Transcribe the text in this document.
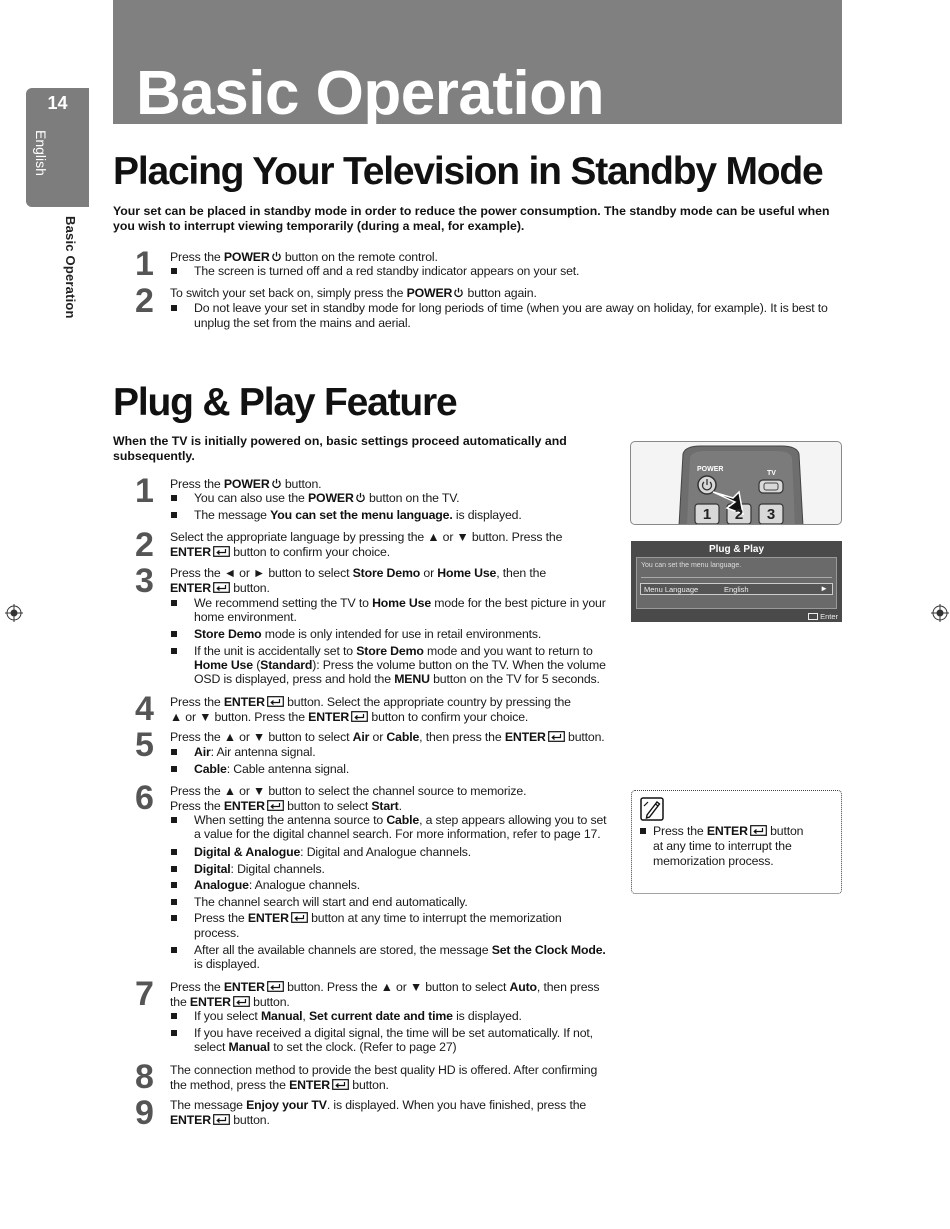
Basic Operation
14
English
Basic Operation
Placing Your Television in Standby Mode
Your set can be placed in standby mode in order to reduce the power consumption. The standby mode can be useful when you wish to interrupt viewing temporarily (during a meal, for example).
1 Press the POWER button on the remote control.
The screen is turned off and a red standby indicator appears on your set.
2 To switch your set back on, simply press the POWER button again.
Do not leave your set in standby mode for long periods of time (when you are away on holiday, for example). It is best to unplug the set from the mains and aerial.
Plug & Play Feature
When the TV is initially powered on, basic settings proceed automatically and subsequently.
1 Press the POWER button.
You can also use the POWER button on the TV.
The message You can set the menu language. is displayed.
2 Select the appropriate language by pressing the ▲ or ▼ button. Press the
ENTER button to confirm your choice.
3 Press the ◄ or ► button to select Store Demo or Home Use, then the
ENTER button.
We recommend setting the TV to Home Use mode for the best picture in your
home environment.
Store Demo mode is only intended for use in retail environments.
If the unit is accidentally set to Store Demo mode and you want to return to
Home Use (Standard): Press the volume button on the TV. When the volume
OSD is displayed, press and hold the MENU button on the TV for 5 seconds.
4 Press the ENTER button. Select the appropriate country by pressing the
▲ or ▼ button. Press the ENTER button to confirm your choice.
5 Press the ▲ or ▼ button to select Air or Cable, then press the ENTER button.
Air: Air antenna signal.
Cable: Cable antenna signal.
6 Press the ▲ or ▼ button to select the channel source to memorize.
Press the ENTER button to select Start.
When setting the antenna source to Cable, a step appears allowing you to set
a value for the digital channel search. For more information, refer to page 17.
Digital & Analogue: Digital and Analogue channels.
Digital: Digital channels.
Analogue: Analogue channels.
The channel search will start and end automatically.
Press the ENTER button at any time to interrupt the memorization
process.
After all the available channels are stored, the message Set the Clock Mode.
is displayed.
7 Press the ENTER button. Press the ▲ or ▼ button to select Auto, then press
the ENTER button.
If you select Manual, Set current date and time is displayed.
If you have received a digital signal, the time will be set automatically. If not,
select Manual to set the clock. (Refer to page 27)
8 The connection method to provide the best quality HD is offered. After confirming
the method, press the ENTER button.
9 The message Enjoy your TV. is displayed. When you have finished, press the
ENTER button.
POWER
TV
1	2	3
Plug & Play
You can set the menu language.
Menu Language	English	►
Enter
Press the ENTER button
at any time to interrupt the
memorization process.
